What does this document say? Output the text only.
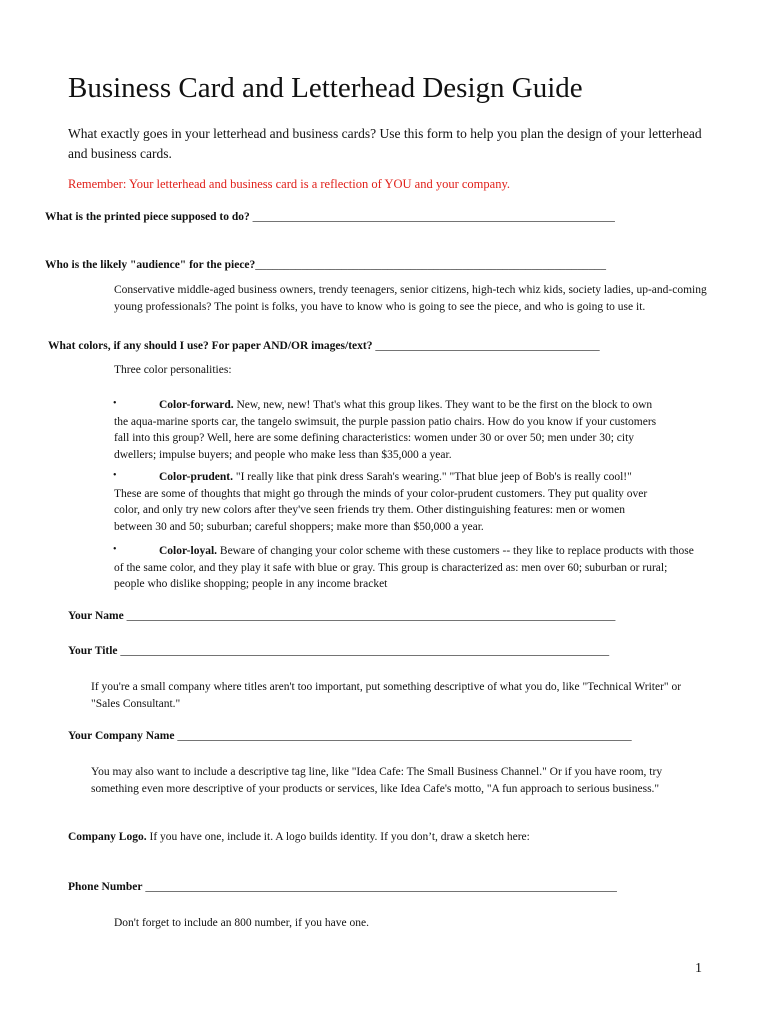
Business Card and Letterhead Design Guide
What exactly goes in your letterhead and business cards? Use this form to help you plan the design of your letterhead and business cards.
Remember: Your letterhead and business card is a reflection of YOU and your company.
What is the printed piece supposed to do? _______________________________________________________________
Who is the likely "audience" for the piece?_____________________________________________________________
Conservative middle-aged business owners, trendy teenagers, senior citizens, high-tech whiz kids, society ladies, up-and-coming young professionals? The point is folks, you have to know who is going to see the piece, and who is going to use it.
What colors, if any should I use? For paper AND/OR images/text? _______________________________________
Three color personalities:
•	Color-forward. New, new, new! That's what this group likes. They want to be the first on the block to own the aqua-marine sports car, the tangelo swimsuit, the purple passion patio chairs. How do you know if your customers fall into this group? Well, here are some defining characteristics: women under 30 or over 50; men under 30; city dwellers; impulse buyers; and people who make less than $35,000 a year.
•	Color-prudent. "I really like that pink dress Sarah's wearing." "That blue jeep of Bob's is really cool!" These are some of thoughts that might go through the minds of your color-prudent customers. They put quality over color, and only try new colors after they've seen friends try them. Other distinguishing features: men or women between 30 and 50; suburban; careful shoppers; make more than $50,000 a year.
•	Color-loyal. Beware of changing your color scheme with these customers -- they like to replace products with those of the same color, and they play it safe with blue or gray. This group is characterized as: men over 60; suburban or rural; people who dislike shopping; people in any income bracket
Your Name _____________________________________________________________________________________
Your Title _____________________________________________________________________________________
If you're a small company where titles aren't too important, put something descriptive of what you do, like "Technical Writer" or "Sales Consultant."
Your Company Name _______________________________________________________________________________
You may also want to include a descriptive tag line, like "Idea Cafe: The Small Business Channel." Or if you have room, try something even more descriptive of your products or services, like Idea Cafe's motto, "A fun approach to serious business."
Company Logo. If you have one, include it. A logo builds identity. If you don’t, draw a sketch here:
Phone Number __________________________________________________________________________________
Don't forget to include an 800 number, if you have one.
1
